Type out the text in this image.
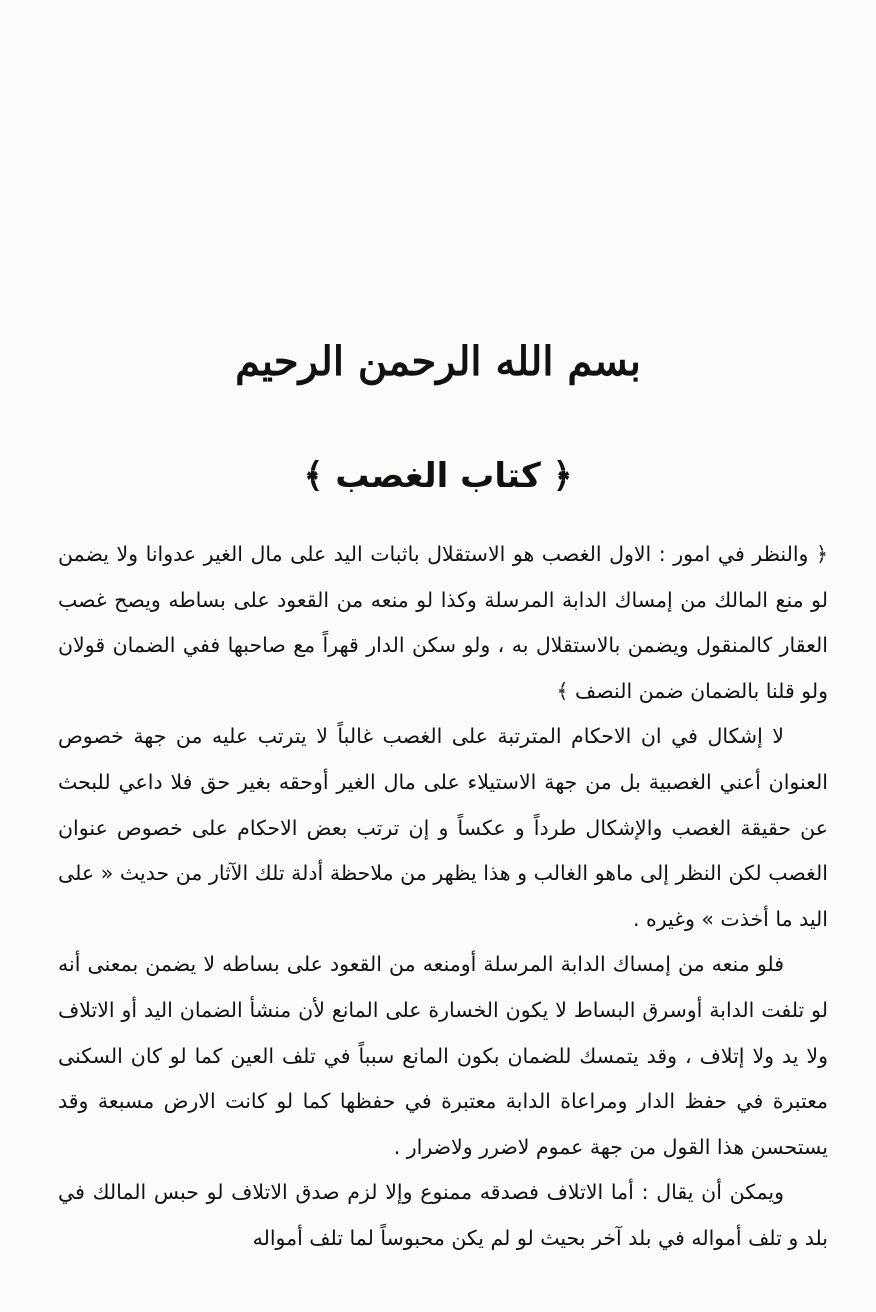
بسم الله الرحمن الرحيم
﴿ كتاب الغصب ﴾

﴿ والنظر في امور : الاول الغصب هو الاستقلال باثبات اليد على مال الغير عدوانا ولا يضمن لو منع المالك من إمساك الدابة المرسلة وكذا لو منعه من القعود على بساطه ويصح غصب العقار كالمنقول ويضمن بالاستقلال به ، ولو سكن الدار قهراً مع صاحبها ففي الضمان قولان ولو قلنا بالضمان ضمن النصف ﴾

لا إشكال في ان الاحكام المترتبة على الغصب غالباً لا يترتب عليه من جهة خصوص العنوان أعني الغصبية بل من جهة الاستيلاء على مال الغير أوحقه بغير حق فلا داعي للبحث عن حقيقة الغصب والإشكال طرداً و عكساً و إن ترتب بعض الاحكام على خصوص عنوان الغصب لكن النظر إلى ماهو الغالب و هذا يظهر من ملاحظة أدلة تلك الآثار من حديث « على اليد ما أخذت » وغيره .

فلو منعه من إمساك الدابة المرسلة أومنعه من القعود على بساطه لا يضمن بمعنى أنه لو تلفت الدابة أوسرق البساط لا يكون الخسارة على المانع لأن منشأ الضمان اليد أو الاتلاف ولا يد ولا إتلاف ، وقد يتمسك للضمان بكون المانع سبباً في تلف العين كما لو كان السكنى معتبرة في حفظ الدار ومراعاة الدابة معتبرة في حفظها كما لو كانت الارض مسبعة وقد يستحسن هذا القول من جهة عموم لاضرر ولاضرار .

ويمكن أن يقال : أما الاتلاف فصدقه ممنوع وإلا لزم صدق الاتلاف لو حبس المالك في بلد و تلف أمواله في بلد آخر بحيث لو لم يكن محبوساً لما تلف أمواله
